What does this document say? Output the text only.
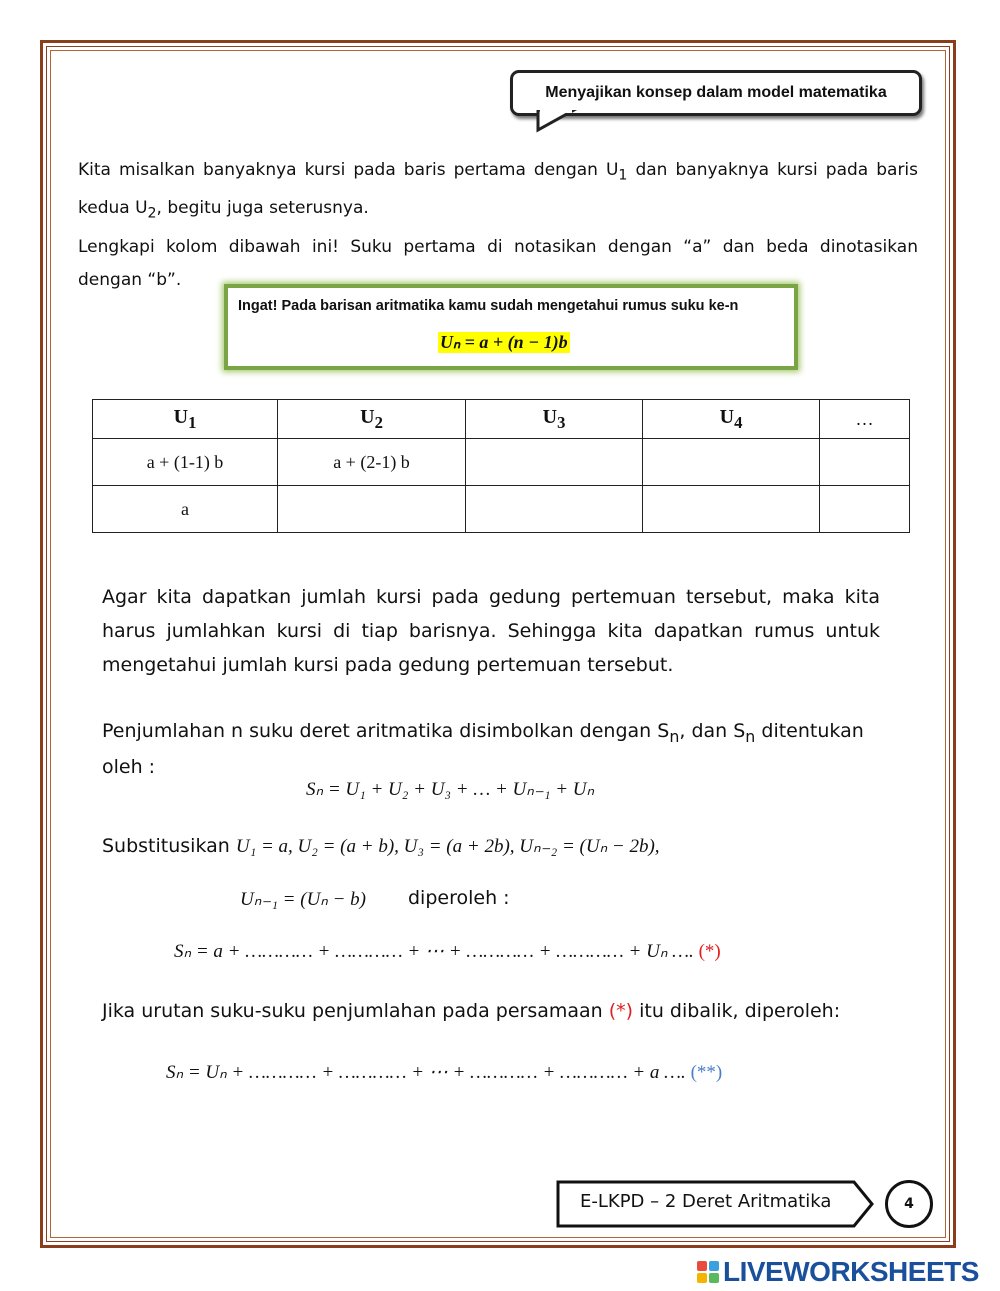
Menyajikan konsep dalam model matematika
Kita misalkan banyaknya kursi pada baris pertama dengan $U_1$ dan banyaknya kursi pada baris
kedua $U_2$, begitu juga seterusnya.
Lengkapi kolom dibawah ini! Suku pertama di notasikan dengan “a” dan beda dinotasikan
dengan “b”.
Ingat! Pada barisan aritmatika kamu sudah mengetahui rumus suku ke-n
Uₙ = a + (n − 1)b
$U_1$	$U_2$	$U_3$	$U_4$	…
a + (1-1) b	a + (2-1) b			
a				
Agar kita dapatkan jumlah kursi pada gedung pertemuan tersebut, maka kita
harus jumlahkan kursi di tiap barisnya. Sehingga kita dapatkan rumus untuk
mengetahui jumlah kursi pada gedung pertemuan tersebut.
Penjumlahan n suku deret aritmatika disimbolkan dengan $S_n$, dan $S_n$ ditentukan
oleh :
Sₙ = U₁ + U₂ + U₃ + … + Uₙ₋₁ + Uₙ
Substitusikan U₁ = a, U₂ = (a + b), U₃ = (a + 2b), Uₙ₋₂ = (Uₙ − 2b),
Uₙ₋₁ = (Uₙ − b) diperoleh :
Sₙ = a + ………… + ………… + ⋯ + ………… + ………… + Uₙ …. (*)
Jika urutan suku-suku penjumlahan pada persamaan (*) itu dibalik, diperoleh:
Sₙ = Uₙ + ………… + ………… + ⋯ + ………… + ………… + a …. (**)
E-LKPD – 2 Deret Aritmatika	4
LIVEWORKSHEETS
